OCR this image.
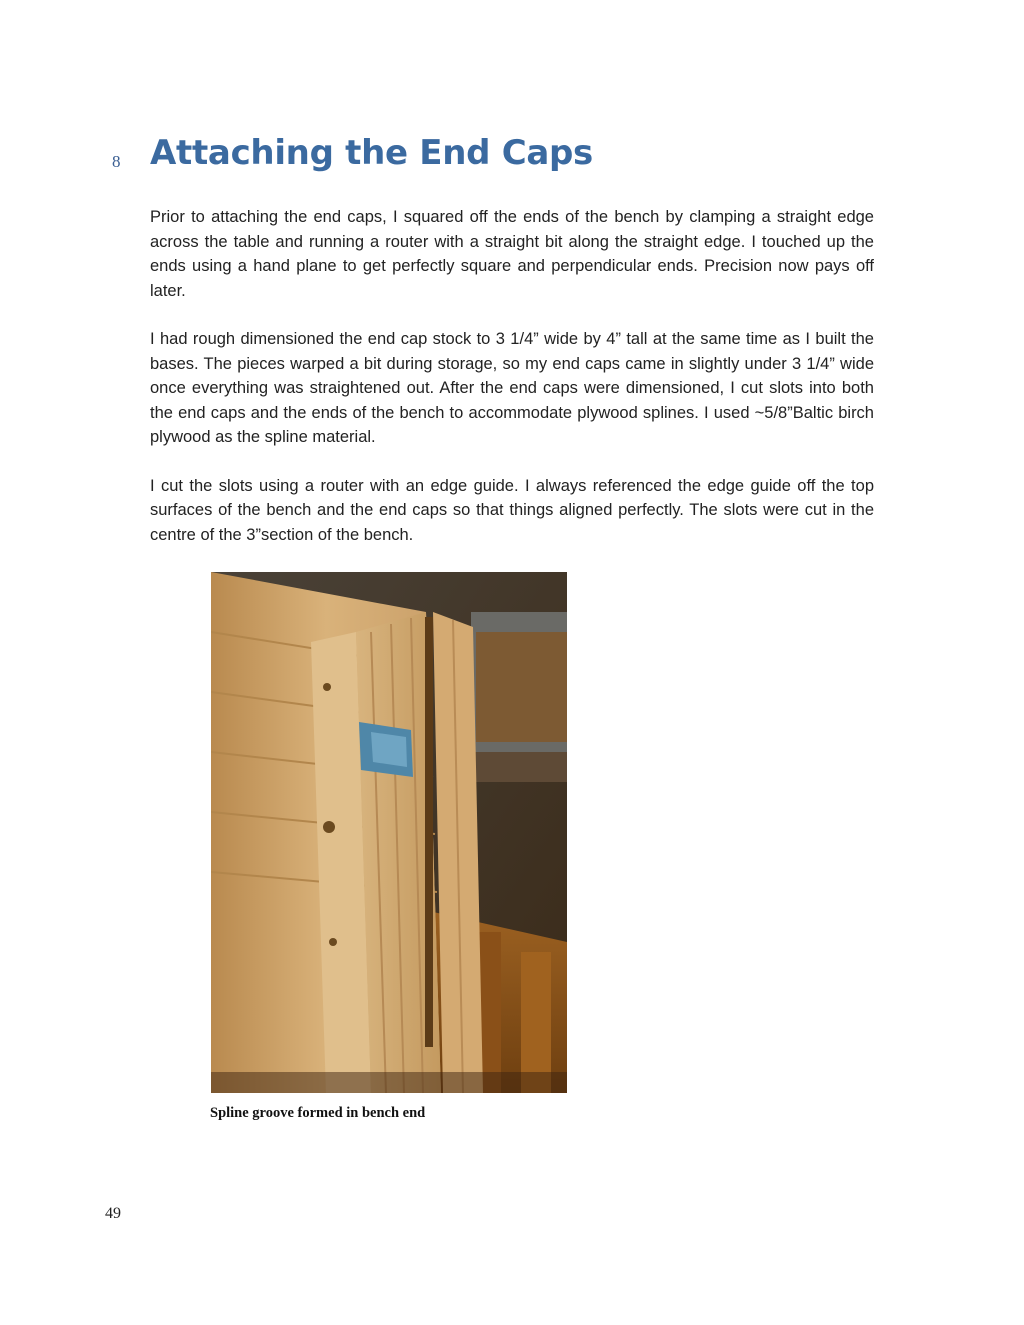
8 Attaching the End Caps

Prior to attaching the end caps, I squared off the ends of the bench by clamping a straight edge across the table and running a router with a straight bit along the straight edge. I touched up the ends using a hand plane to get perfectly square and perpendicular ends. Precision now pays off later.

I had rough dimensioned the end cap stock to 3 1/4” wide by 4” tall at the same time as I built the bases. The pieces warped a bit during storage, so my end caps came in slightly under 3 1/4” wide once everything was straightened out. After the end caps were dimensioned, I cut slots into both the end caps and the ends of the bench to accommodate plywood splines. I used ~5/8”Baltic birch plywood as the spline material.

I cut the slots using a router with an edge guide. I always referenced the edge guide off the top surfaces of the bench and the end caps so that things aligned perfectly. The slots were cut in the centre of the 3”section of the bench.

Spline groove formed in bench end
49
